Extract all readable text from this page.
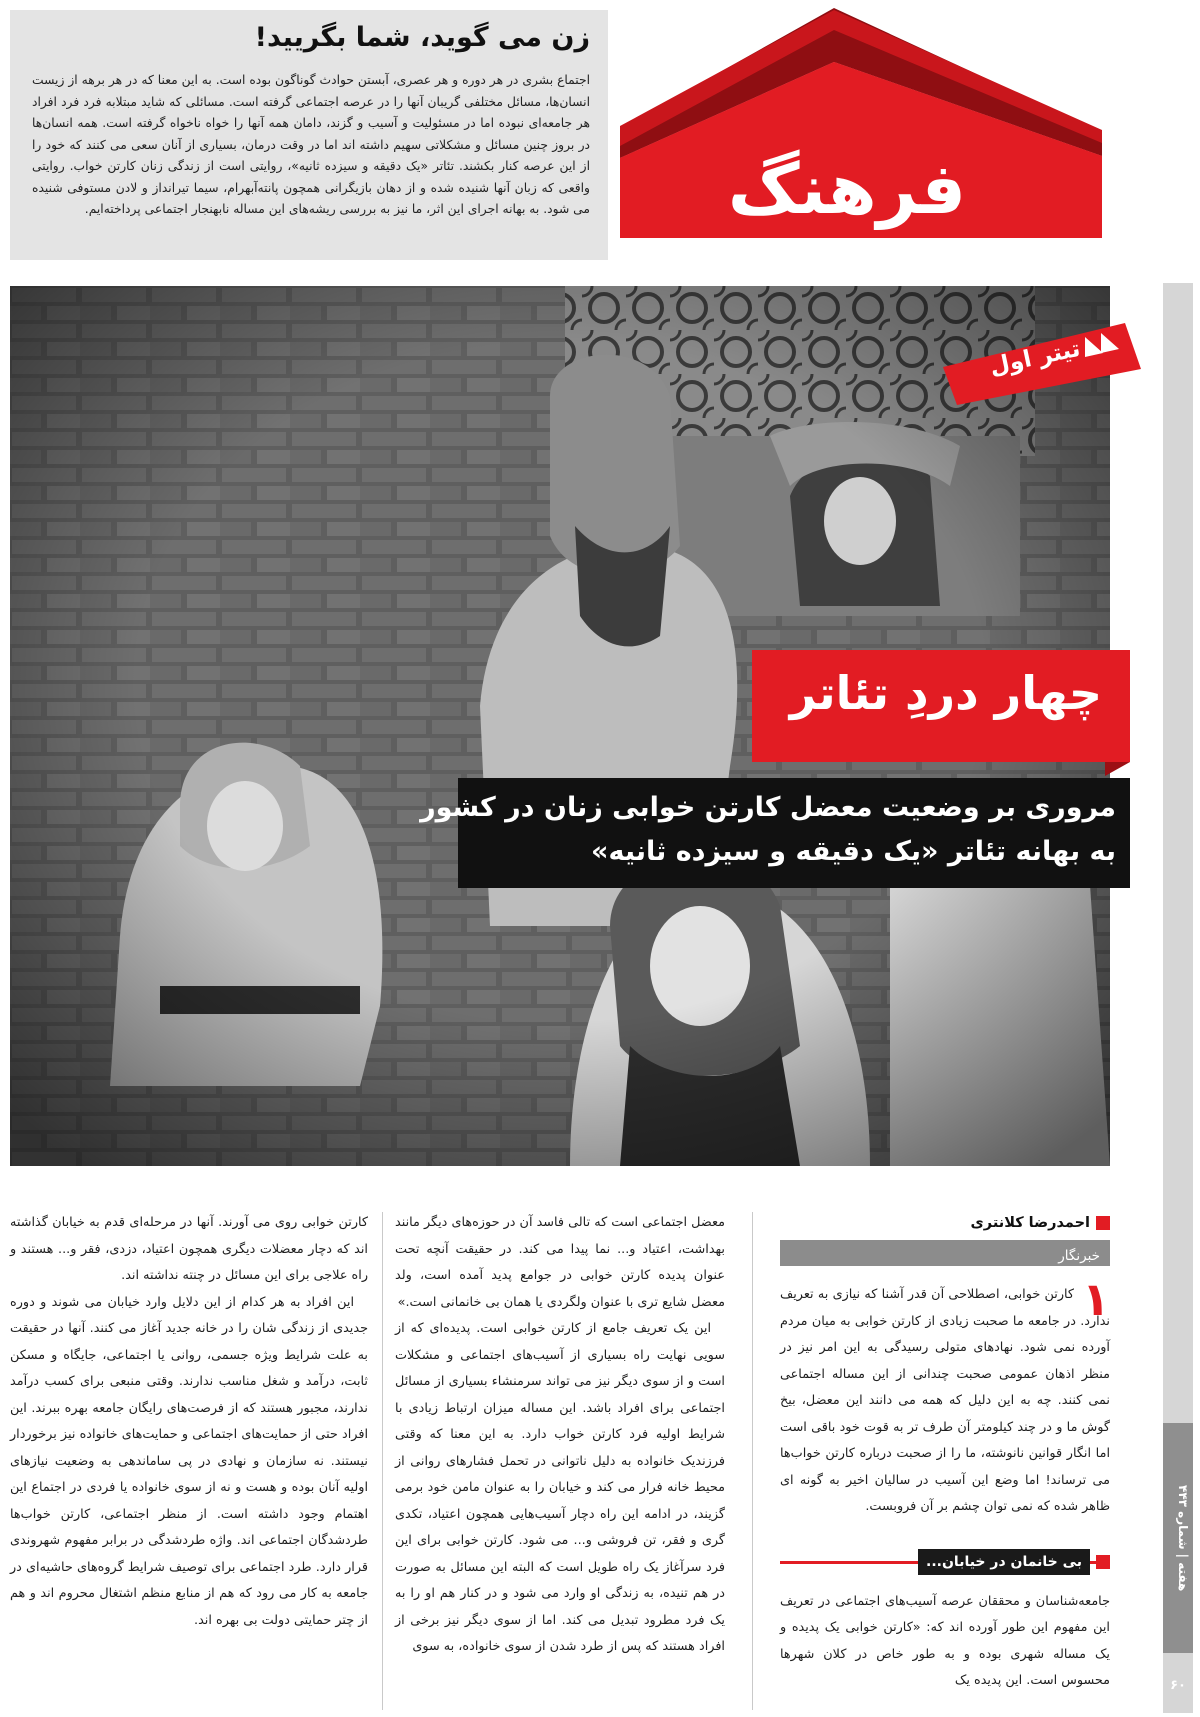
زن می گوید، شما بگریید!

اجتماع بشری در هر دوره و هر عصری، آبستن حوادث گوناگون بوده است. به این معنا که در هر برهه از زیست انسان‌ها، مسائل مختلفی گریبان آنها را در عرصه اجتماعی گرفته است. مسائلی که شاید مبتلابه فرد فرد افراد هر جامعه‌ای نبوده اما در مسئولیت و آسیب و گزند، دامان همه آنها را خواه ناخواه گرفته است. همه انسان‌ها در بروز چنین مسائل و مشکلاتی سهیم داشته اند اما در وقت درمان، بسیاری از آنان سعی می کنند که خود را از این عرصه کنار بکشند. تئاتر «یک دقیقه و سیزده ثانیه»، روایتی است از زندگی زنان کارتن خواب. روایتی واقعی که زبان آنها شنیده شده و از دهان بازیگرانی همچون پانته‌آبهرام، سیما تیرانداز و لادن مستوفی شنیده می شود. به بهانه اجرای این اثر، ما نیز به بررسی ریشه‌های این مساله نابهنجار اجتماعی پرداخته‌ایم.	فرهنگ

هفته | شماره ۴۴۳
۶۰
تیتر اول
چهار دردِ تئاتر

مروری بر وضعیت معضل کارتن خوابی زنان در کشور

به بهانه تئاتر «یک دقیقه و سیزده ثانیه»

احمدرضا کلانتری
خبرنگار
۱

کارتن خوابی، اصطلاحی آن قدر آشنا که نیازی به تعریف ندارد. در جامعه ما صحبت زیادی از کارتن خوابی به میان مردم آورده نمی شود. نهادهای متولی رسیدگی به این امر نیز در منظر اذهان عمومی صحبت چندانی از این مساله اجتماعی نمی کنند. چه به این دلیل که همه می دانند این معضل، بیخ گوش ما و در چند کیلومتر آن طرف تر به قوت خود باقی است اما انگار قوانین نانوشته، ما را از صحبت درباره کارتن خواب‌ها می ترساند! اما وضع این آسیب در سالیان اخیر به گونه ای ظاهر شده که نمی توان چشم بر آن فروبست.

بی خانمان در خیابان...

جامعه‌شناسان و محققان عرصه آسیب‌های اجتماعی در تعریف این مفهوم این طور آورده اند که: «کارتن خوابی یک پدیده و یک مساله شهری بوده و به طور خاص در کلان شهرها محسوس است. این پدیده یک

معضل اجتماعی است که تالی فاسد آن در حوزه‌های دیگر مانند بهداشت، اعتیاد و... نما پیدا می کند. در حقیقت آنچه تحت عنوان پدیده کارتن خوابی در جوامع پدید آمده است، ولد معضل شایع تری با عنوان ولگردی یا همان بی خانمانی است.»

این یک تعریف جامع از کارتن خوابی است. پدیده‌ای که از سویی نهایت راه بسیاری از آسیب‌های اجتماعی و مشکلات است و از سوی دیگر نیز می تواند سرمنشاء بسیاری از مسائل اجتماعی برای افراد باشد. این مساله میزان ارتباط زیادی با شرایط اولیه فرد کارتن خواب دارد. به این معنا که وقتی فرزندیک خانواده به دلیل ناتوانی در تحمل فشارهای روانی از محیط خانه فرار می کند و خیابان را به عنوان مامن خود برمی گزیند، در ادامه این راه دچار آسیب‌هایی همچون اعتیاد، تکدی گری و فقر، تن فروشی و... می شود. کارتن خوابی برای این فرد سرآغاز یک راه طویل است که البته این مسائل به صورت در هم تنیده، به زندگی او وارد می شود و در کنار هم او را به یک فرد مطرود تبدیل می کند. اما از سوی دیگر نیز برخی از افراد هستند که پس از طرد شدن از سوی خانواده، به سوی

کارتن خوابی روی می آورند. آنها در مرحله‌ای قدم به خیابان گذاشته اند که دچار معضلات دیگری همچون اعتیاد، دزدی، فقر و... هستند و راه علاجی برای این مسائل در چنته نداشته اند.

این افراد به هر کدام از این دلایل وارد خیابان می شوند و دوره جدیدی از زندگی شان را در خانه جدید آغاز می کنند. آنها در حقیقت به علت شرایط ویژه جسمی، روانی یا اجتماعی، جایگاه و مسکن ثابت، درآمد و شغل مناسب ندارند. وقتی منبعی برای کسب درآمد ندارند، مجبور هستند که از فرصت‌های رایگان جامعه بهره ببرند. این افراد حتی از حمایت‌های اجتماعی و حمایت‌های خانواده نیز برخوردار نیستند. نه سازمان و نهادی در پی ساماندهی به وضعیت نیازهای اولیه آنان بوده و هست و نه از سوی خانواده یا فردی در اجتماع این اهتمام وجود داشته است. از منظر اجتماعی، کارتن خواب‌ها طردشدگان اجتماعی اند. واژه طردشدگی در برابر مفهوم شهروندی قرار دارد. طرد اجتماعی برای توصیف شرایط گروه‌های حاشیه‌ای در جامعه به کار می رود که هم از منابع منظم اشتغال محروم اند و هم از چتر حمایتی دولت بی بهره اند.
